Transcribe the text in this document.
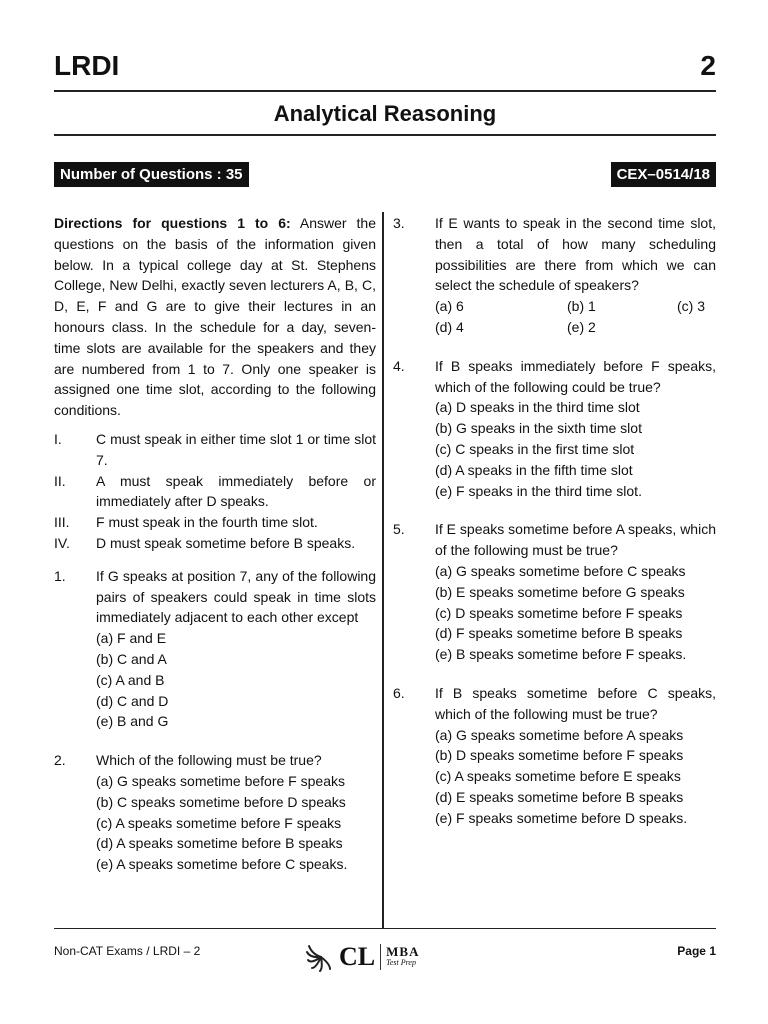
LRDI	2
Analytical Reasoning
Number of Questions : 35	CEX–0514/18

Directions for questions 1 to 6: Answer the questions on the basis of the information given below. In a typical college day at St. Stephens College, New Delhi, exactly seven lecturers A, B, C, D, E, F and G are to give their lectures in an honours class. In the schedule for a day, seven-time slots are available for the speakers and they are numbered from 1 to 7. Only one speaker is assigned one time slot, according to the following conditions.

I.	C must speak in either time slot 1 or time slot 7.
II.	A must speak immediately before or immediately after D speaks.
III.	F must speak in the fourth time slot.
IV.	D must speak sometime before B speaks.
1.	If G speaks at position 7, any of the following pairs of speakers could speak in time slots immediately adjacent to each other except
(a) F and E
(b) C and A
(c) A and B
(d) C and D
(e) B and G
2.	Which of the following must be true?
(a) G speaks sometime before F speaks
(b) C speaks sometime before D speaks
(c) A speaks sometime before F speaks
(d) A speaks sometime before B speaks
(e) A speaks sometime before C speaks.
3.	If E wants to speak in the second time slot, then a total of how many scheduling possibilities are there from which we can select the schedule of speakers?
(a) 6	(b) 1	(c) 3
(d) 4	(e) 2
4.	If B speaks immediately before F speaks, which of the following could be true?
(a) D speaks in the third time slot
(b) G speaks in the sixth time slot
(c) C speaks in the first time slot
(d) A speaks in the fifth time slot
(e) F speaks in the third time slot.
5.	If E speaks sometime before A speaks, which of the following must be true?
(a) G speaks sometime before C speaks
(b) E speaks sometime before G speaks
(c) D speaks sometime before F speaks
(d) F speaks sometime before B speaks
(e) B speaks sometime before F speaks.
6.	If B speaks sometime before C speaks, which of the following must be true?
(a) G speaks sometime before A speaks
(b) D speaks sometime before F speaks
(c) A speaks sometime before E speaks
(d) E speaks sometime before B speaks
(e) F speaks sometime before D speaks.
Non-CAT Exams / LRDI – 2	CL MBA
Test Prep
Page 1
